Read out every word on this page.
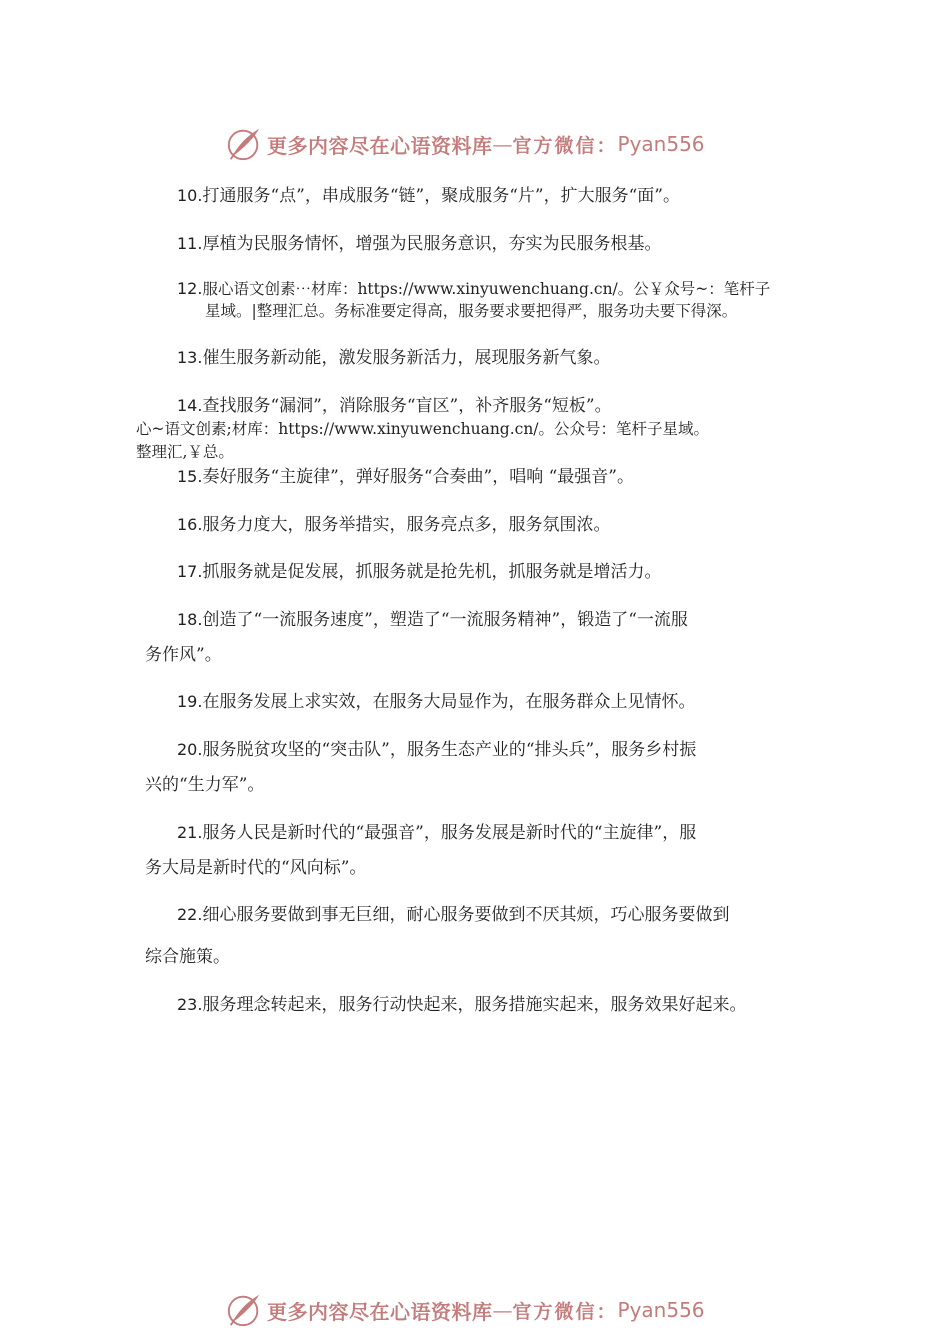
更多内容尽在心语资料库 — 官方微信： Pyan556
10.打通服务“点”，串成服务“链”，聚成服务“片”，扩大服务“面”。
11.厚植为民服务情怀，增强为民服务意识，夯实为民服务根基。
12.服心语文创素⋯材库：https://www.xinyuwenchuang.cn/。公￥众号~：笔杆子
星域。|整理汇总。务标准要定得高，服务要求要把得严，服务功夫要下得深。
13.催生服务新动能，激发服务新活力，展现服务新气象。
14.查找服务“漏洞”，消除服务“盲区”，补齐服务“短板”。
心~语文创素;材库：https://www.xinyuwenchuang.cn/。公众号：笔杆子星域。
整理汇,￥总。
15.奏好服务“主旋律”，弹好服务“合奏曲”，唱响 “最强音”。
16.服务力度大，服务举措实，服务亮点多，服务氛围浓。
17.抓服务就是促发展，抓服务就是抢先机，抓服务就是增活力。
18.创造了“一流服务速度”，塑造了“一流服务精神”，锻造了“一流服
务作风”。
19.在服务发展上求实效，在服务大局显作为，在服务群众上见情怀。
20.服务脱贫攻坚的“突击队”，服务生态产业的“排头兵”，服务乡村振
兴的“生力军”。
21.服务人民是新时代的“最强音”，服务发展是新时代的“主旋律”，服
务大局是新时代的“风向标”。
22.细心服务要做到事无巨细，耐心服务要做到不厌其烦，巧心服务要做到
综合施策。
23.服务理念转起来，服务行动快起来，服务措施实起来，服务效果好起来。
更多内容尽在心语资料库 — 官方微信： Pyan556
